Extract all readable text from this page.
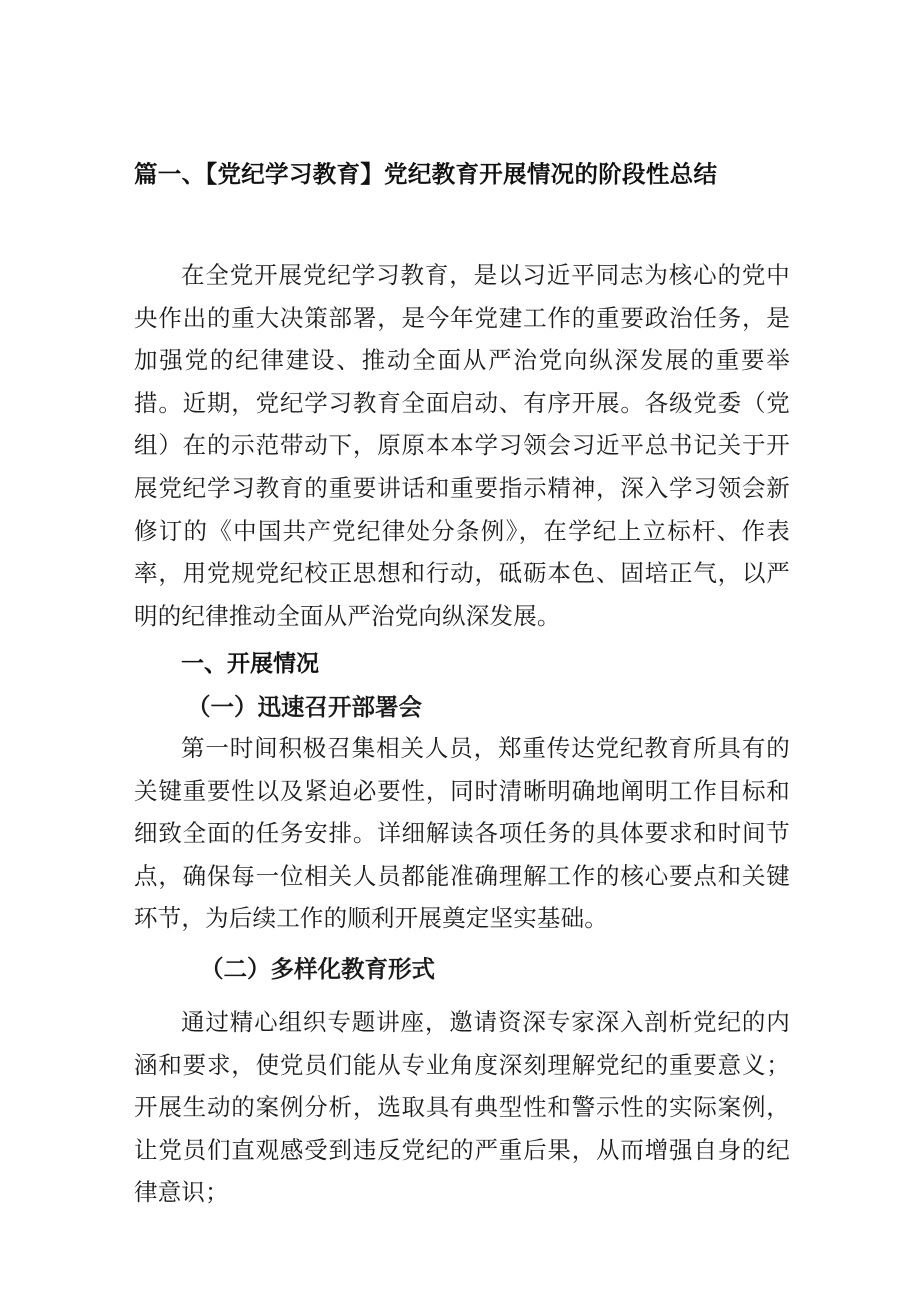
篇一、【党纪学习教育】党纪教育开展情况的阶段性总结

在全党开展党纪学习教育，是以习近平同志为核心的党中央作出的重大决策部署，是今年党建工作的重要政治任务，是加强党的纪律建设、推动全面从严治党向纵深发展的重要举措。近期，党纪学习教育全面启动、有序开展。各级党委（党组）在的示范带动下，原原本本学习领会习近平总书记关于开展党纪学习教育的重要讲话和重要指示精神，深入学习领会新修订的《中国共产党纪律处分条例》，在学纪上立标杆、作表率，用党规党纪校正思想和行动，砥砺本色、固培正气，以严明的纪律推动全面从严治党向纵深发展。

一、开展情况
（一）迅速召开部署会

第一时间积极召集相关人员，郑重传达党纪教育所具有的关键重要性以及紧迫必要性，同时清晰明确地阐明工作目标和细致全面的任务安排。详细解读各项任务的具体要求和时间节点，确保每一位相关人员都能准确理解工作的核心要点和关键环节，为后续工作的顺利开展奠定坚实基础。

（二）多样化教育形式

通过精心组织专题讲座，邀请资深专家深入剖析党纪的内涵和要求，使党员们能从专业角度深刻理解党纪的重要意义；开展生动的案例分析，选取具有典型性和警示性的实际案例，让党员们直观感受到违反党纪的严重后果，从而增强自身的纪律意识；
